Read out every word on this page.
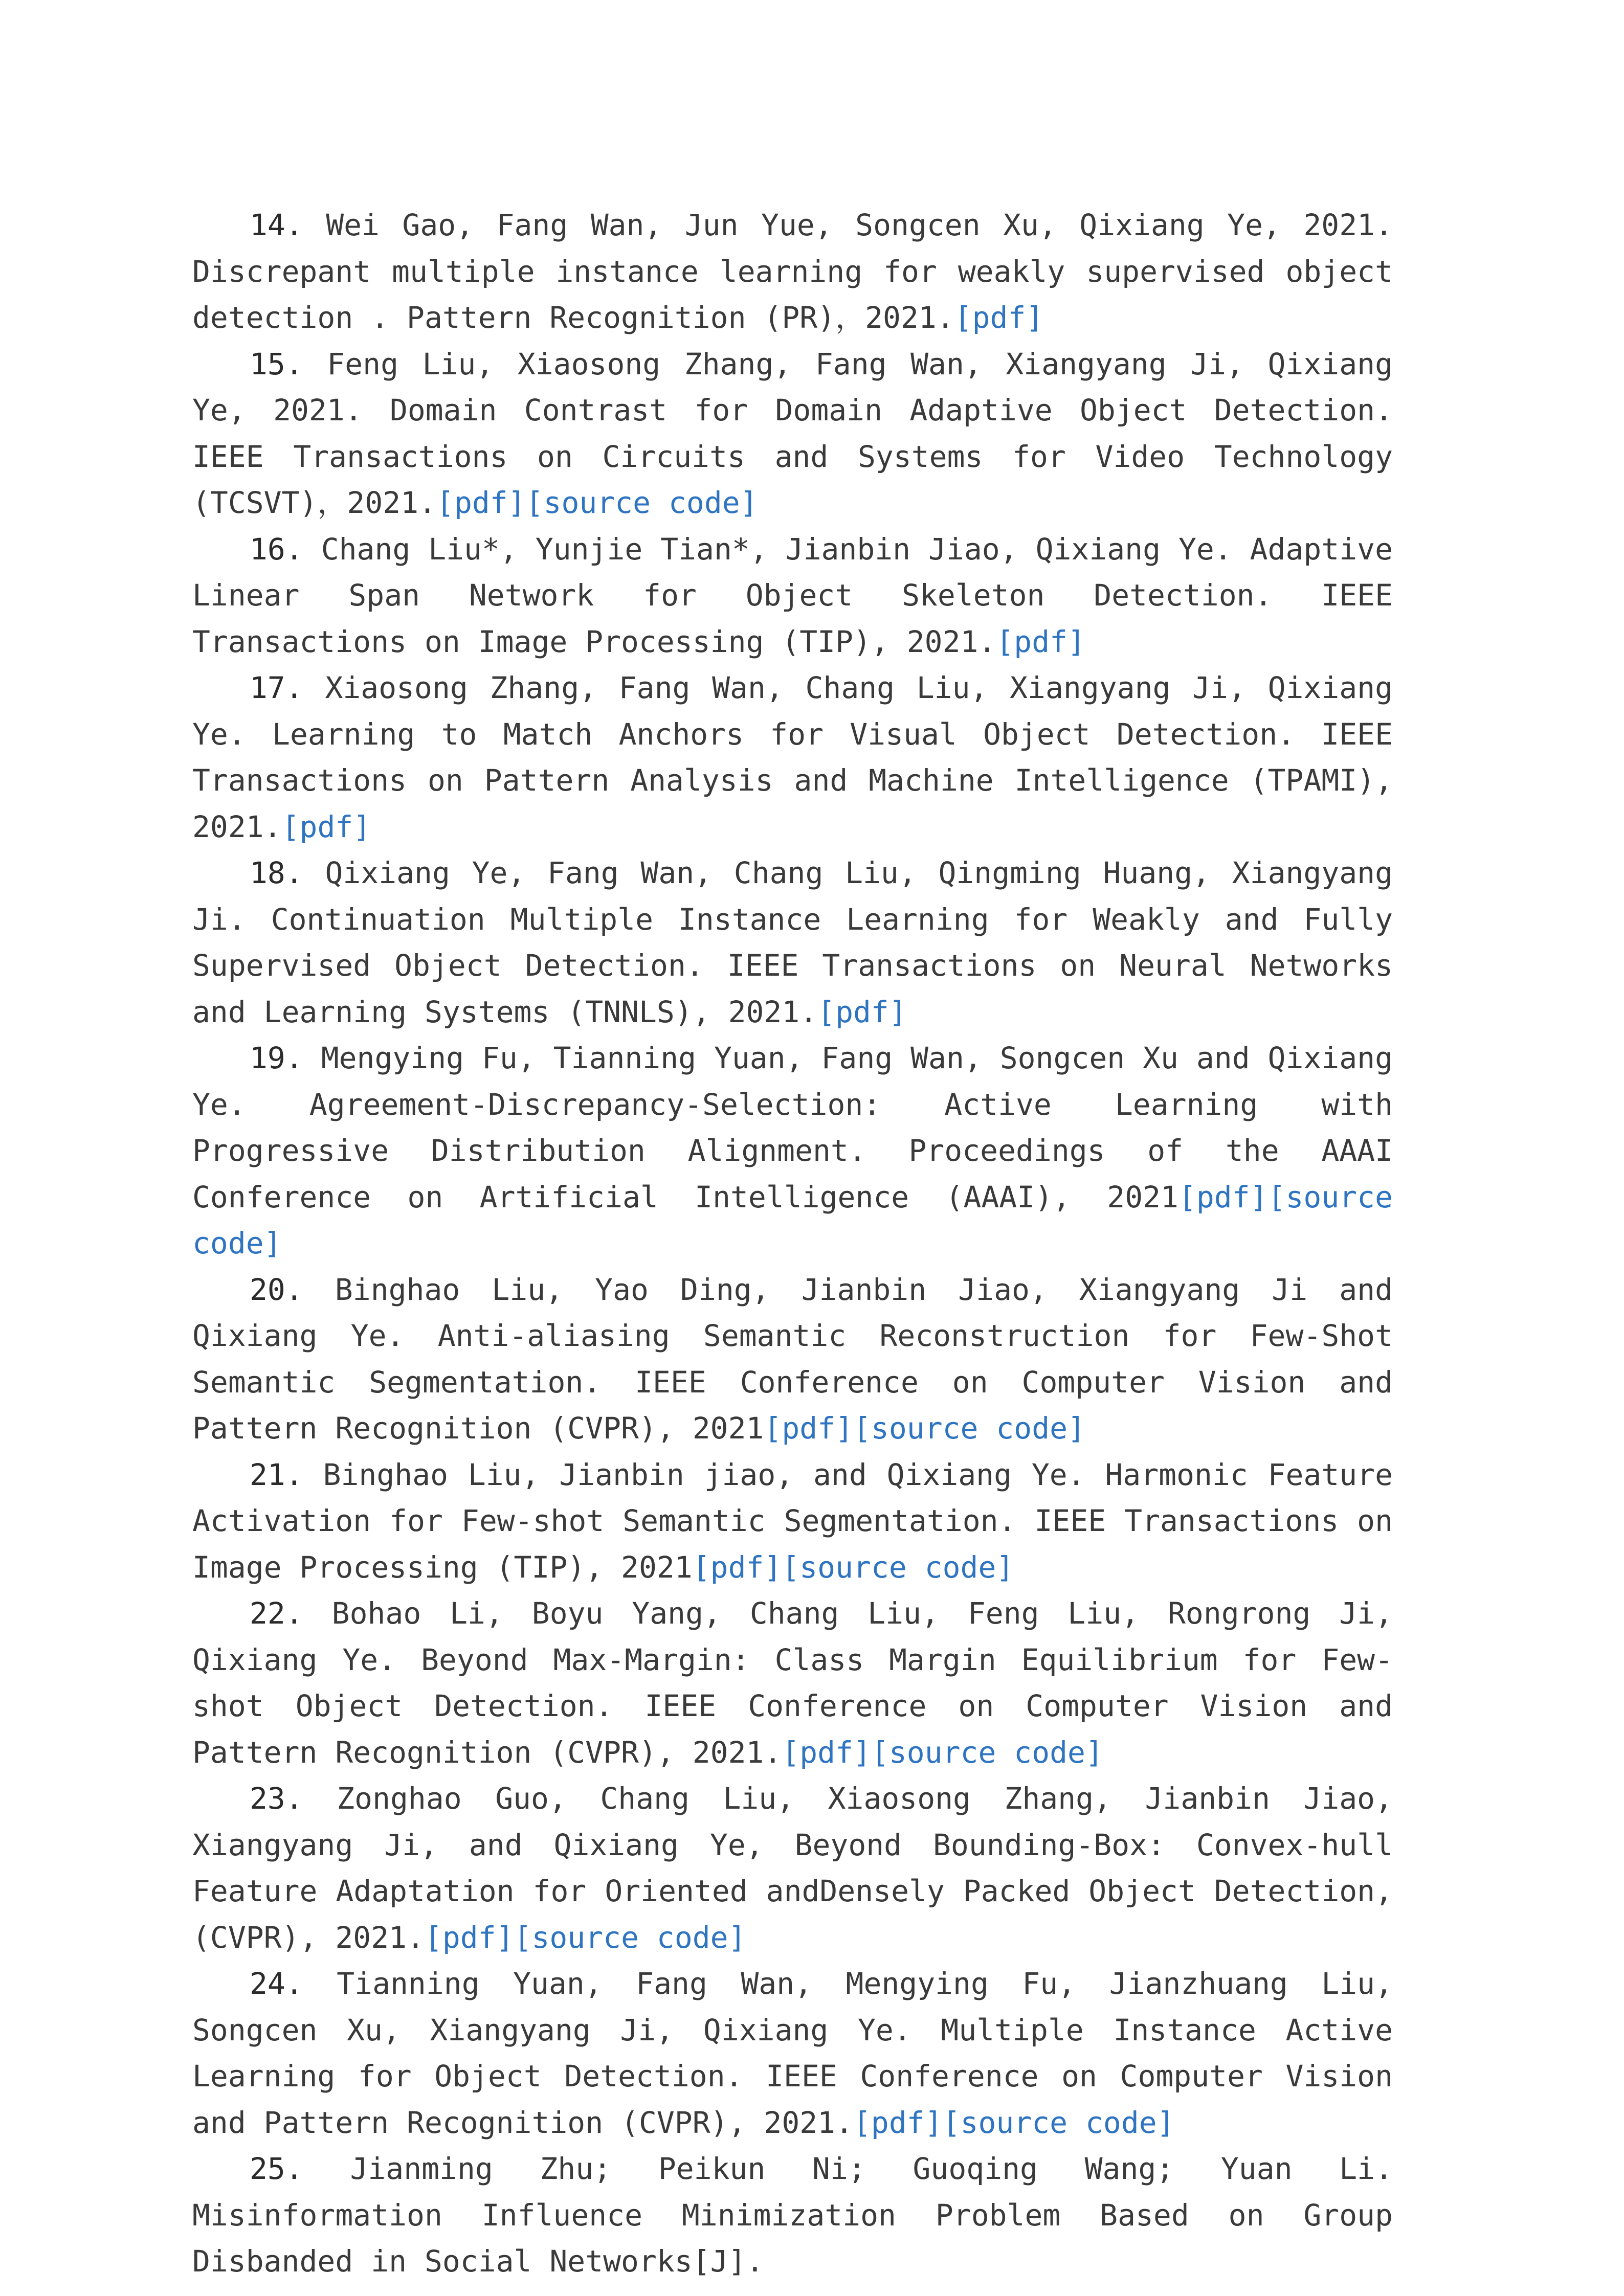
14. Wei Gao, Fang Wan, Jun Yue, Songcen Xu, Qixiang Ye, 2021. Discrepant multiple instance learning for weakly supervised object detection . Pattern Recognition (PR)，2021.[pdf]

15. Feng Liu, Xiaosong Zhang, Fang Wan, Xiangyang Ji, Qixiang Ye, 2021. Domain Contrast for Domain Adaptive Object Detection. IEEE Transactions on Circuits and Systems for Video Technology (TCSVT)，2021.[pdf][source code]

16. Chang Liu*, Yunjie Tian*, Jianbin Jiao, Qixiang Ye. Adaptive Linear Span Network for Object Skeleton Detection. IEEE Transactions on Image Processing (TIP), 2021.[pdf]

17. Xiaosong Zhang, Fang Wan, Chang Liu, Xiangyang Ji, Qixiang Ye. Learning to Match Anchors for Visual Object Detection. IEEE Transactions on Pattern Analysis and Machine Intelligence (TPAMI), 2021.[pdf]

18. Qixiang Ye, Fang Wan, Chang Liu, Qingming Huang, Xiangyang Ji. Continuation Multiple Instance Learning for Weakly and Fully Supervised Object Detection. IEEE Transactions on Neural Networks and Learning Systems (TNNLS), 2021.[pdf]

19. Mengying Fu, Tianning Yuan, Fang Wan, Songcen Xu and Qixiang Ye. Agreement-Discrepancy-Selection: Active Learning with Progressive Distribution Alignment. Proceedings of the AAAI Conference on Artificial Intelligence (AAAI), 2021[pdf][source code]

20. Binghao Liu, Yao Ding, Jianbin Jiao, Xiangyang Ji and Qixiang Ye. Anti-aliasing Semantic Reconstruction for Few-Shot Semantic Segmentation. IEEE Conference on Computer Vision and Pattern Recognition (CVPR), 2021[pdf][source code]

21. Binghao Liu, Jianbin jiao, and Qixiang Ye. Harmonic Feature Activation for Few-shot Semantic Segmentation. IEEE Transactions on Image Processing (TIP), 2021[pdf][source code]

22. Bohao Li, Boyu Yang, Chang Liu, Feng Liu, Rongrong Ji, Qixiang Ye. Beyond Max-Margin: Class Margin Equilibrium for Few-shot Object Detection. IEEE Conference on Computer Vision and Pattern Recognition (CVPR), 2021.[pdf][source code]

23. Zonghao Guo, Chang Liu, Xiaosong Zhang, Jianbin Jiao, Xiangyang Ji, and Qixiang Ye, Beyond Bounding-Box: Convex-hull Feature Adaptation for Oriented andDensely Packed Object Detection, (CVPR), 2021.[pdf][source code]

24. Tianning Yuan, Fang Wan, Mengying Fu, Jianzhuang Liu, Songcen Xu, Xiangyang Ji, Qixiang Ye. Multiple Instance Active Learning for Object Detection. IEEE Conference on Computer Vision and Pattern Recognition (CVPR), 2021.[pdf][source code]

25. Jianming Zhu; Peikun Ni; Guoqing Wang; Yuan Li. Misinformation Influence Minimization Problem Based on Group Disbanded in Social Networks[J].
